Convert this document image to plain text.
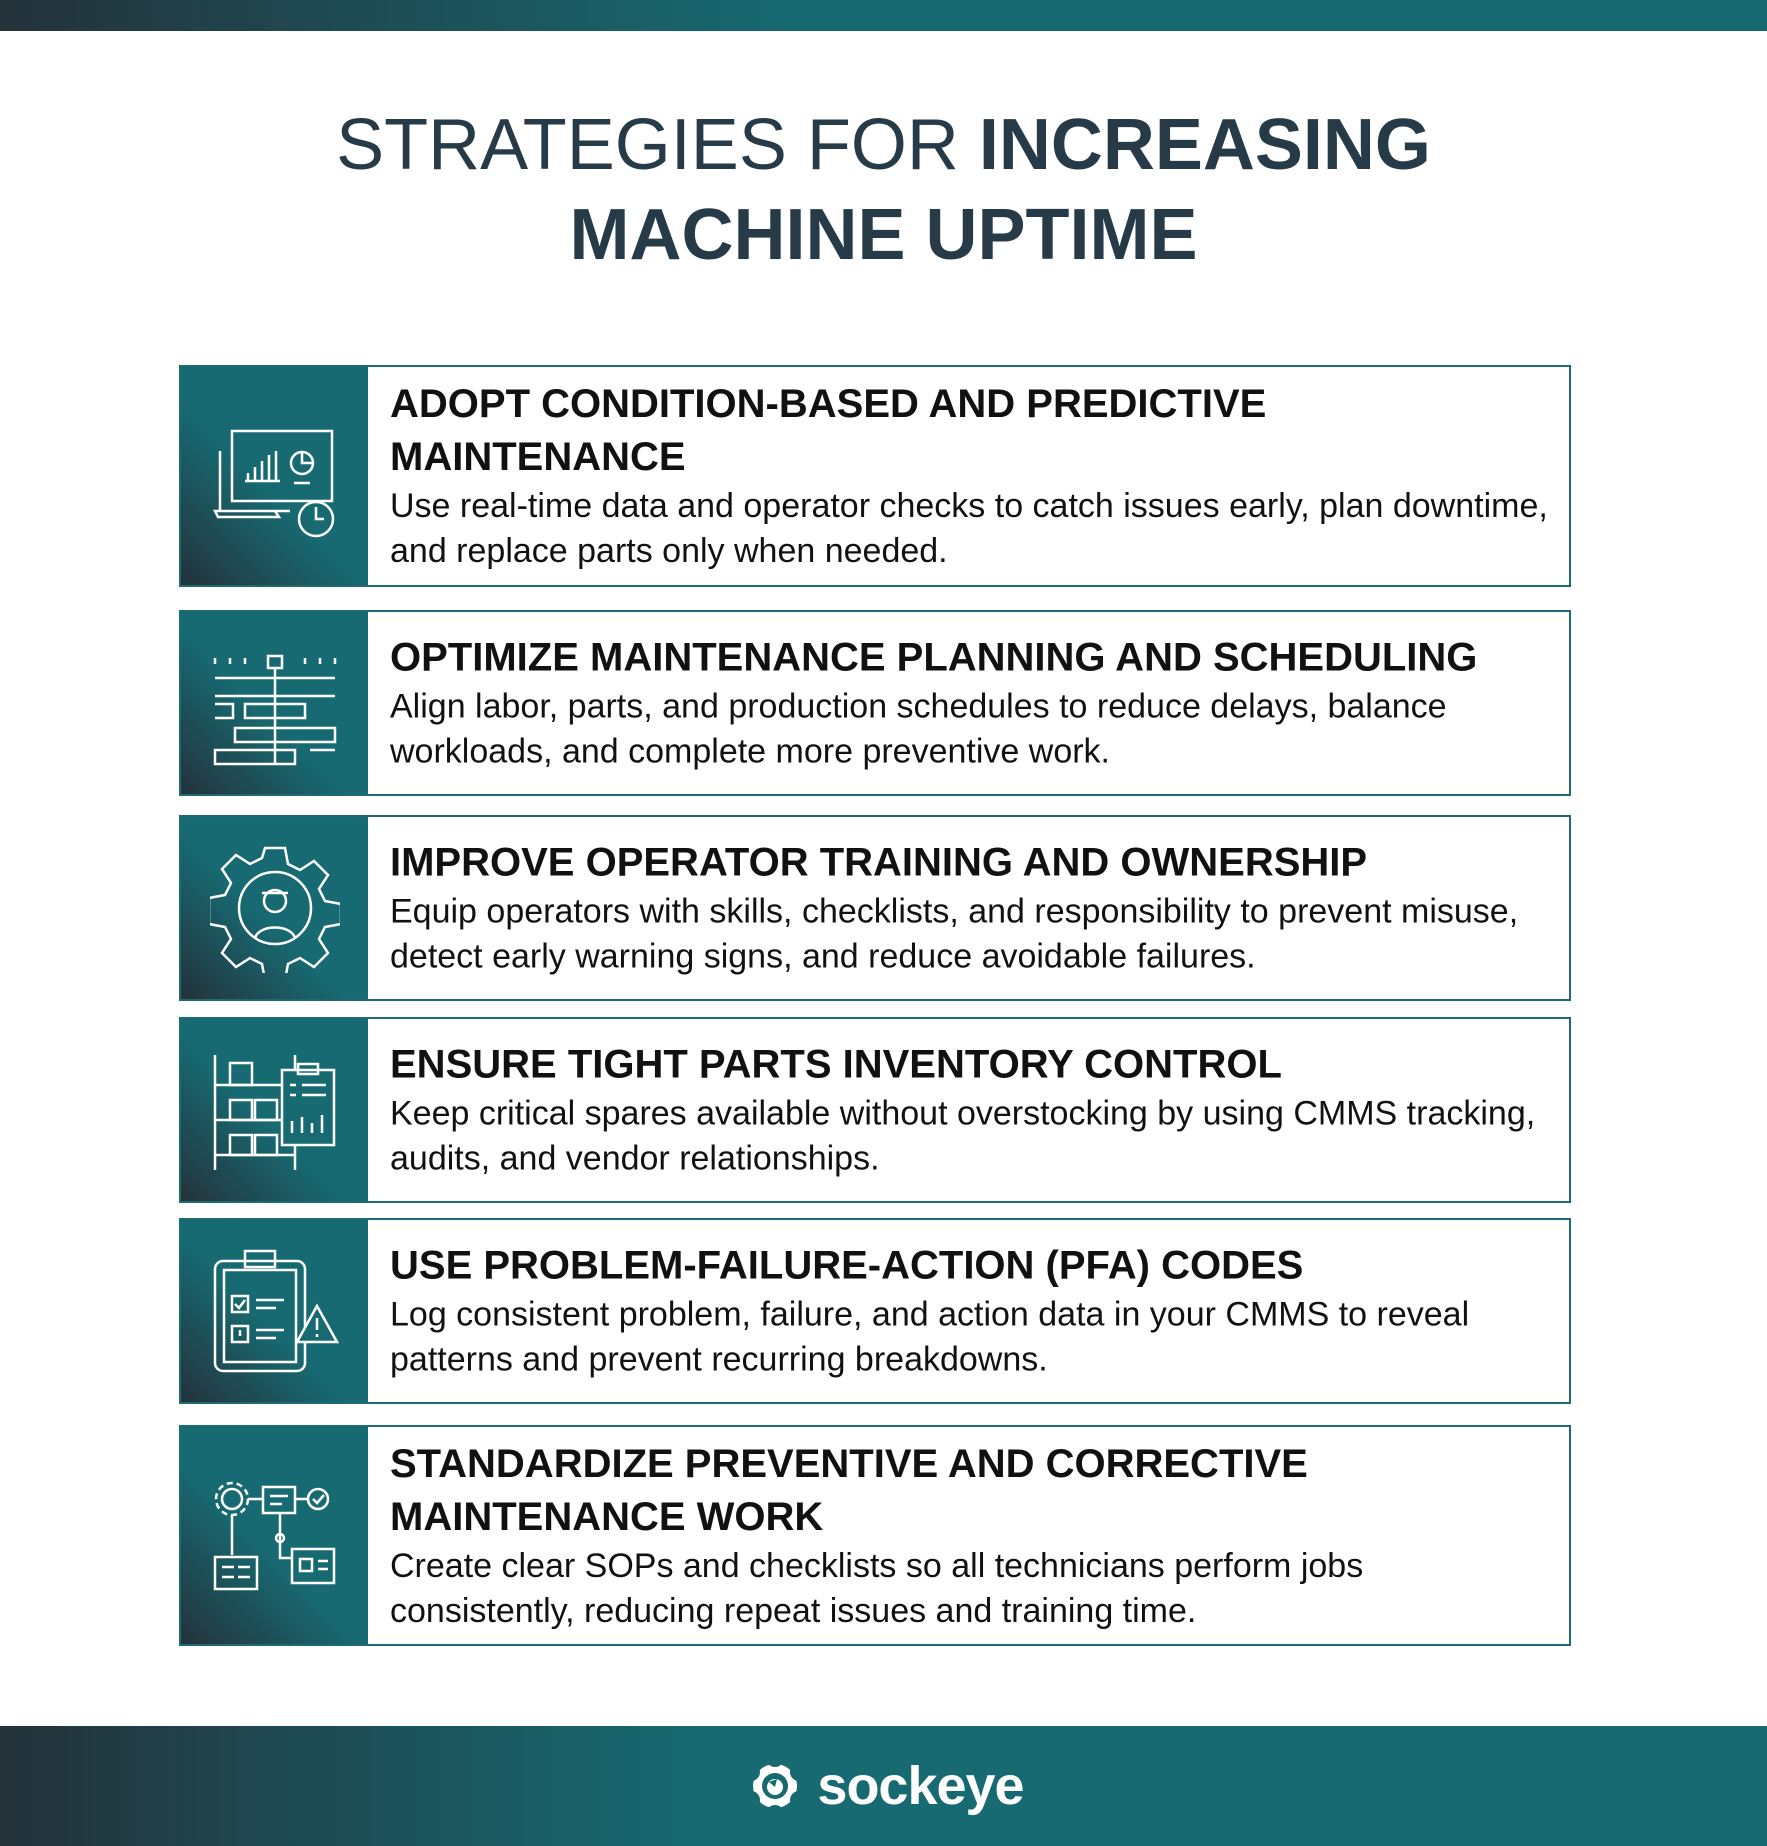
STRATEGIES FOR INCREASING
MACHINE UPTIME
ADOPT CONDITION-BASED AND PREDICTIVE MAINTENANCE

Use real-time data and operator checks to catch issues early, plan downtime, and replace parts only when needed.

OPTIMIZE MAINTENANCE PLANNING AND SCHEDULING

Align labor, parts, and production schedules to reduce delays, balance workloads, and complete more preventive work.

IMPROVE OPERATOR TRAINING AND OWNERSHIP

Equip operators with skills, checklists, and responsibility to prevent misuse, detect early warning signs, and reduce avoidable failures.

ENSURE TIGHT PARTS INVENTORY CONTROL

Keep critical spares available without overstocking by using CMMS tracking, audits, and vendor relationships.

USE PROBLEM-FAILURE-ACTION (PFA) CODES

Log consistent problem, failure, and action data in your CMMS to reveal patterns and prevent recurring breakdowns.

STANDARDIZE PREVENTIVE AND CORRECTIVE MAINTENANCE WORK

Create clear SOPs and checklists so all technicians perform jobs consistently, reducing repeat issues and training time.

sockeye
